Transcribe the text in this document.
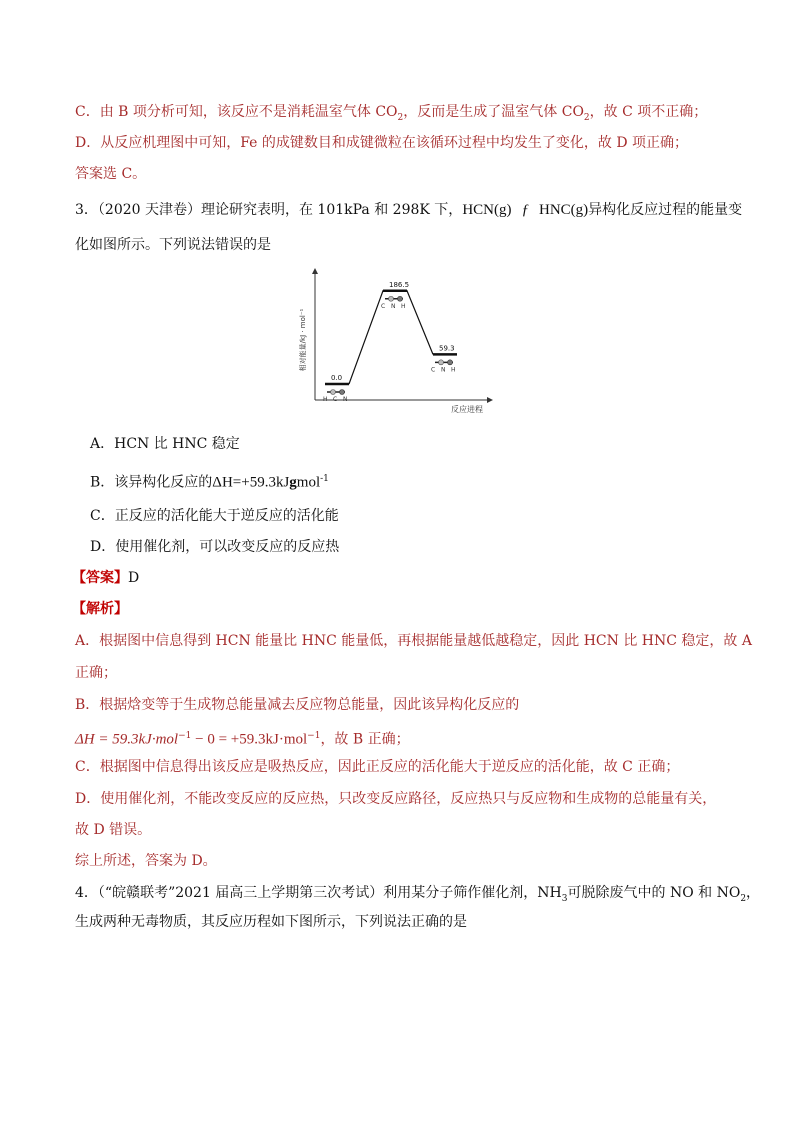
C．由 B 项分析可知，该反应不是消耗温室气体 $CO_2$，反而是生成了温室气体 $CO_2$，故 C 项不正确；
D．从反应机理图中可知，Fe 的成键数目和成键微粒在该循环过程中均发生了变化，故 D 项正确；
答案选 C。
3．（2020 天津卷）理论研究表明，在 101kPa 和 298K 下，HCN(g) ƒ HNC(g)异构化反应过程的能量变
化如图所示。下列说法错误的是
相对能量/kJ · mol⁻¹
反应进程
0.0
H C N
186.5
C N H
59.3
C N H
A．HCN 比 HNC 稳定
B．该异构化反应的ΔH=+59.3kJgmol$^{-1}$
C．正反应的活化能大于逆反应的活化能
D．使用催化剂，可以改变反应的反应热
【答案】D
【解析】
A．根据图中信息得到 HCN 能量比 HNC 能量低，再根据能量越低越稳定，因此 HCN 比 HNC 稳定，故 A
正确；
B．根据焓变等于生成物总能量减去反应物总能量，因此该异构化反应的
ΔH = 59.3kJ·mol$^{-1}$ − 0 = +59.3kJ·mol$^{-1}$，故 B 正确；
C．根据图中信息得出该反应是吸热反应，因此正反应的活化能大于逆反应的活化能，故 C 正确；
D．使用催化剂，不能改变反应的反应热，只改变反应路径，反应热只与反应物和生成物的总能量有关，
故 D 错误。
综上所述，答案为 D。
4．（“皖赣联考”2021 届高三上学期第三次考试）利用某分子筛作催化剂，$NH_3$可脱除废气中的 NO 和 $NO_2$，
生成两种无毒物质，其反应历程如下图所示，下列说法正确的是
